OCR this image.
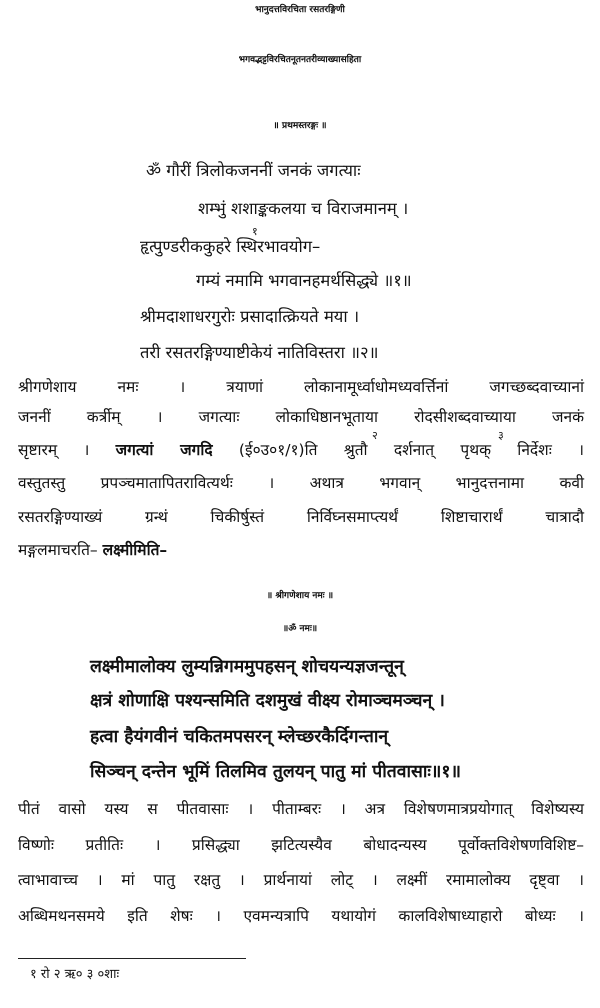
भानुदत्तविरचिता रसतरङ्गिणी
भगवद्भट्टविरचितनूतनतरीव्याख्यासहिता
॥ प्रथमस्तरङ्गः ॥
ॐ गौरीं त्रिलोकजननीं जनकं जगत्याः
शम्भुं शशाङ्ककलया च विराजमानम् ।
१
हृत्पुण्डरीककुहरे स्थिरभावयोग–
गम्यं नमामि भगवानहमर्थसिद्ध्ये ॥१॥
श्रीमदाशाधरगुरोः प्रसादात्क्रियते मया ।
तरी रसतरङ्गिण्याष्टीकेयं नातिविस्तरा ॥२॥
श्रीगणेशाय नमः । त्रयाणां लोकानामूर्ध्वाधोमध्यवर्त्तिनां जगच्छब्दवाच्यानां
जननीं कर्त्रीम् । जगत्याः लोकाधिष्ठानभूताया रोदसीशब्दवाच्याया जनकं
२	३
सृष्टारम् । जगत्यां जगदि (ई०उ०१/१)ति श्रुतौ दर्शनात् पृथक् निर्देशः ।
वस्तुतस्तु प्रपञ्चमातापितरावित्यर्थः । अथात्र भगवान् भानुदत्तनामा कवी
रसतरङ्गिण्याख्यं ग्रन्थं चिकीर्षुस्तं निर्विघ्नसमाप्त्यर्थं शिष्टाचारार्थं चात्रादौ
मङ्गलमाचरति– लक्ष्मीमिति–
॥ श्रीगणेशाय नमः ॥
॥ॐ नमः॥
लक्ष्मीमालोक्य लुम्यन्निगममुपहसन् शोचयन्यज्ञजन्तून्
क्षत्रं शोणाक्षि पश्यन्समिति दशमुखं वीक्ष्य रोमाञ्चमञ्चन् ।
हत्वा हैयंगवीनं चकितमपसरन् म्लेच्छरकैर्दिगन्तान्
सिञ्चन् दन्तेन भूमिं तिलमिव तुलयन् पातु मां पीतवासाः॥१॥
पीतं वासो यस्य स पीतवासाः । पीताम्बरः । अत्र विशेषणमात्रप्रयोगात् विशेष्यस्य
विष्णोः प्रतीतिः । प्रसिद्ध्या झटित्यस्यैव बोधादन्यस्य पूर्वोक्तविशेषणविशिष्ट–
त्वाभावाच्च । मां पातु रक्षतु । प्रार्थनायां लोट् । लक्ष्मीं रमामालोक्य दृष्ट्वा ।
अब्धिमथनसमये इति शेषः । एवमन्यत्रापि यथायोगं कालविशेषाध्याहारो बोध्यः ।
१ रो २ ऋ० ३ ०शाः
